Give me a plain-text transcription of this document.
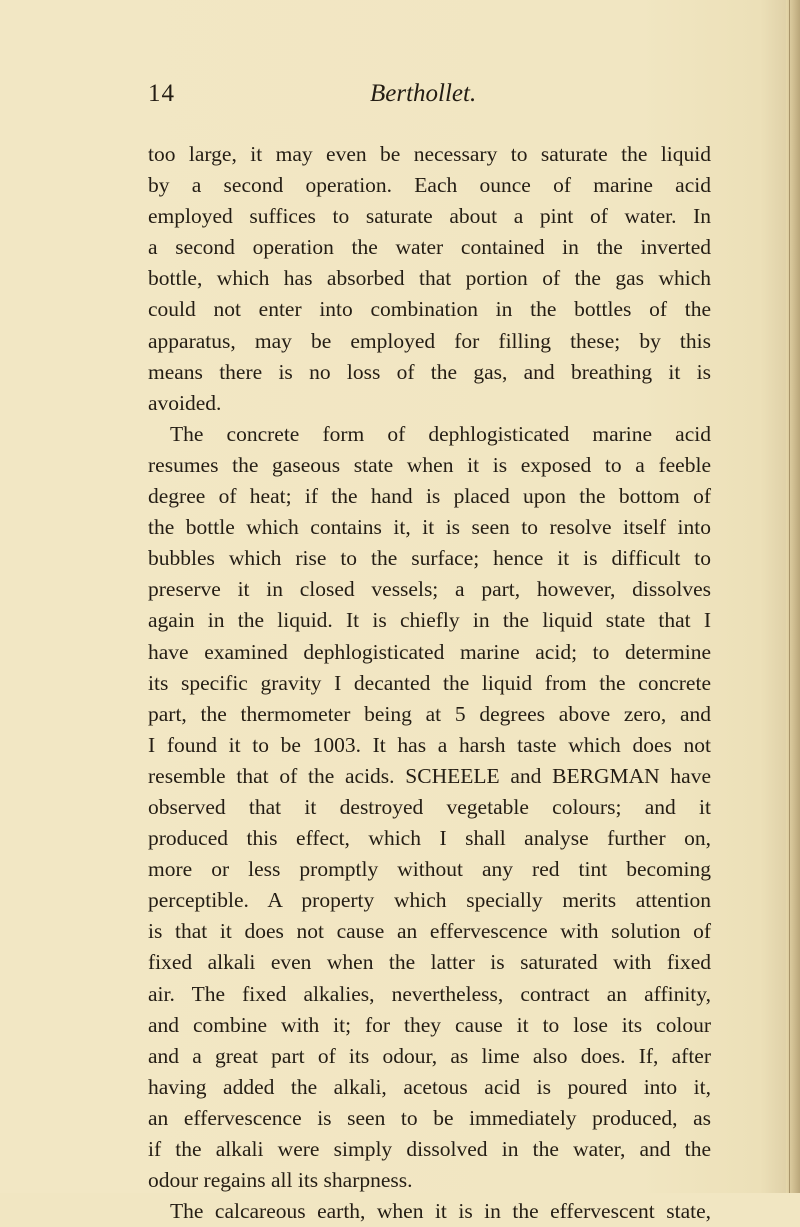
14	Berthollet.
too large, it may even be necessary to saturate the liquid
by a second operation. Each ounce of marine acid
employed suffices to saturate about a pint of water. In
a second operation the water contained in the inverted
bottle, which has absorbed that portion of the gas which
could not enter into combination in the bottles of the
apparatus, may be employed for filling these; by this
means there is no loss of the gas, and breathing it is
avoided.
The concrete form of dephlogisticated marine acid
resumes the gaseous state when it is exposed to a feeble
degree of heat; if the hand is placed upon the bottom of
the bottle which contains it, it is seen to resolve itself into
bubbles which rise to the surface; hence it is difficult to
preserve it in closed vessels; a part, however, dissolves
again in the liquid. It is chiefly in the liquid state that I
have examined dephlogisticated marine acid; to determine
its specific gravity I decanted the liquid from the concrete
part, the thermometer being at 5 degrees above zero, and
I found it to be 1003. It has a harsh taste which does not
resemble that of the acids. SCHEELE and BERGMAN have
observed that it destroyed vegetable colours; and it
produced this effect, which I shall analyse further on,
more or less promptly without any red tint becoming
perceptible. A property which specially merits attention
is that it does not cause an effervescence with solution of
fixed alkali even when the latter is saturated with fixed
air. The fixed alkalies, nevertheless, contract an affinity,
and combine with it; for they cause it to lose its colour
and a great part of its odour, as lime also does. If, after
having added the alkali, acetous acid is poured into it,
an effervescence is seen to be immediately produced, as
if the alkali were simply dissolved in the water, and the
odour regains all its sharpness.
The calcareous earth, when it is in the effervescent state,
